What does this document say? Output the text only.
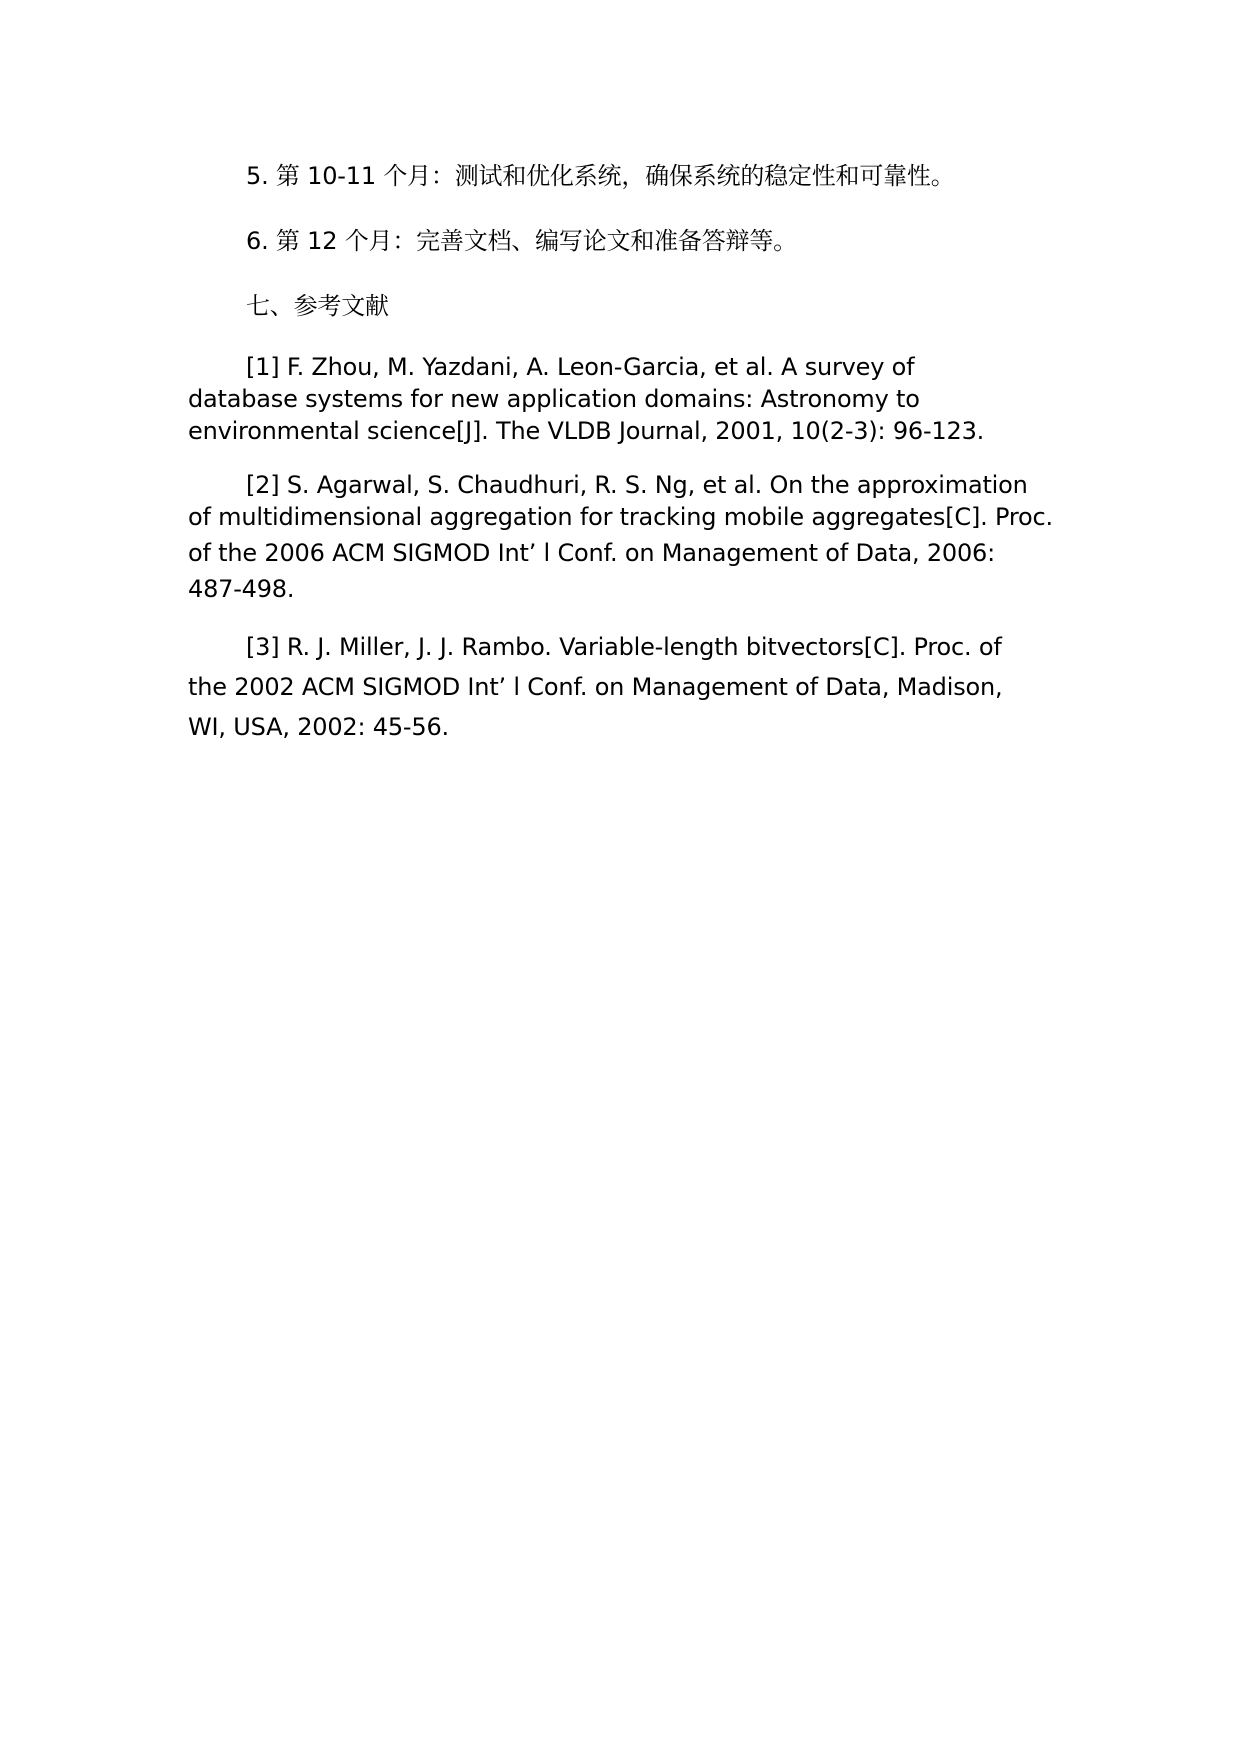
5. 第 10-11 个月：测试和优化系统，确保系统的稳定性和可靠性。

6. 第 12 个月：完善文档、编写论文和准备答辩等。

七、参考文献

[1] F. Zhou, M. Yazdani, A. Leon-Garcia, et al. A survey of
database systems for new application domains: Astronomy to
environmental science[J]. The VLDB Journal, 2001, 10(2-3): 96-123.
[2] S. Agarwal, S. Chaudhuri, R. S. Ng, et al. On the approximation
of multidimensional aggregation for tracking mobile aggregates[C]. Proc.
of the 2006 ACM SIGMOD Int’ l Conf. on Management of Data, 2006:
487-498.
[3] R. J. Miller, J. J. Rambo. Variable-length bitvectors[C]. Proc. of
the 2002 ACM SIGMOD Int’ l Conf. on Management of Data, Madison,
WI, USA, 2002: 45-56.
